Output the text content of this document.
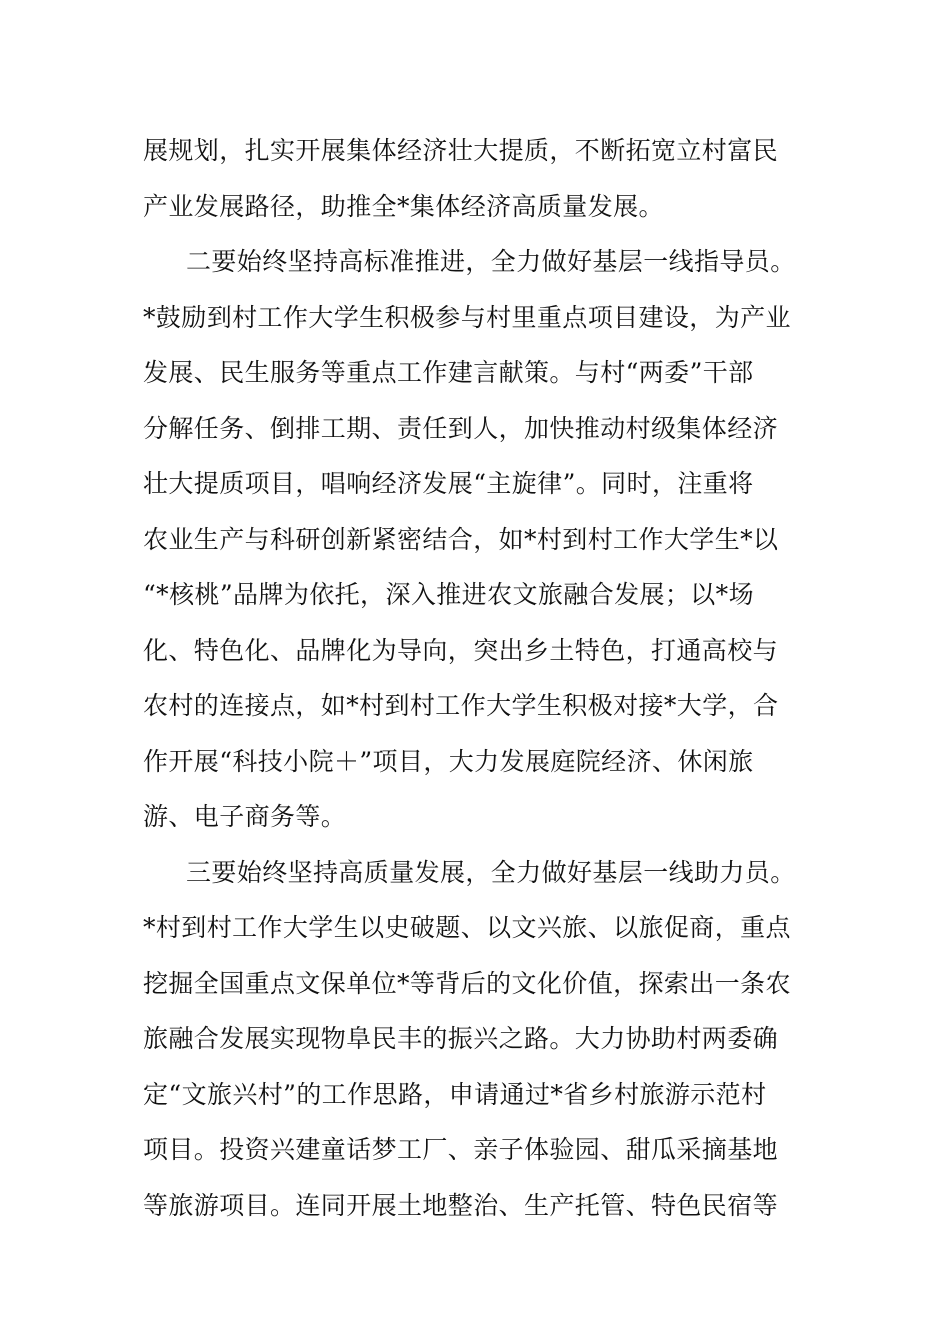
展规划，扎实开展集体经济壮大提质，不断拓宽立村富民
产业发展路径，助推全*集体经济高质量发展。
二要始终坚持高标准推进，全力做好基层一线指导员。
*鼓励到村工作大学生积极参与村里重点项目建设，为产业
发展、民生服务等重点工作建言献策。与村“两委”干部
分解任务、倒排工期、责任到人，加快推动村级集体经济
壮大提质项目，唱响经济发展“主旋律”。同时，注重将
农业生产与科研创新紧密结合，如*村到村工作大学生*以
“*核桃”品牌为依托，深入推进农文旅融合发展；以*场
化、特色化、品牌化为导向，突出乡土特色，打通高校与
农村的连接点，如*村到村工作大学生积极对接*大学，合
作开展“科技小院＋”项目，大力发展庭院经济、休闲旅
游、电子商务等。
三要始终坚持高质量发展，全力做好基层一线助力员。
*村到村工作大学生以史破题、以文兴旅、以旅促商，重点
挖掘全国重点文保单位*等背后的文化价值，探索出一条农
旅融合发展实现物阜民丰的振兴之路。大力协助村两委确
定“文旅兴村”的工作思路，申请通过*省乡村旅游示范村
项目。投资兴建童话梦工厂、亲子体验园、甜瓜采摘基地
等旅游项目。连同开展土地整治、生产托管、特色民宿等
